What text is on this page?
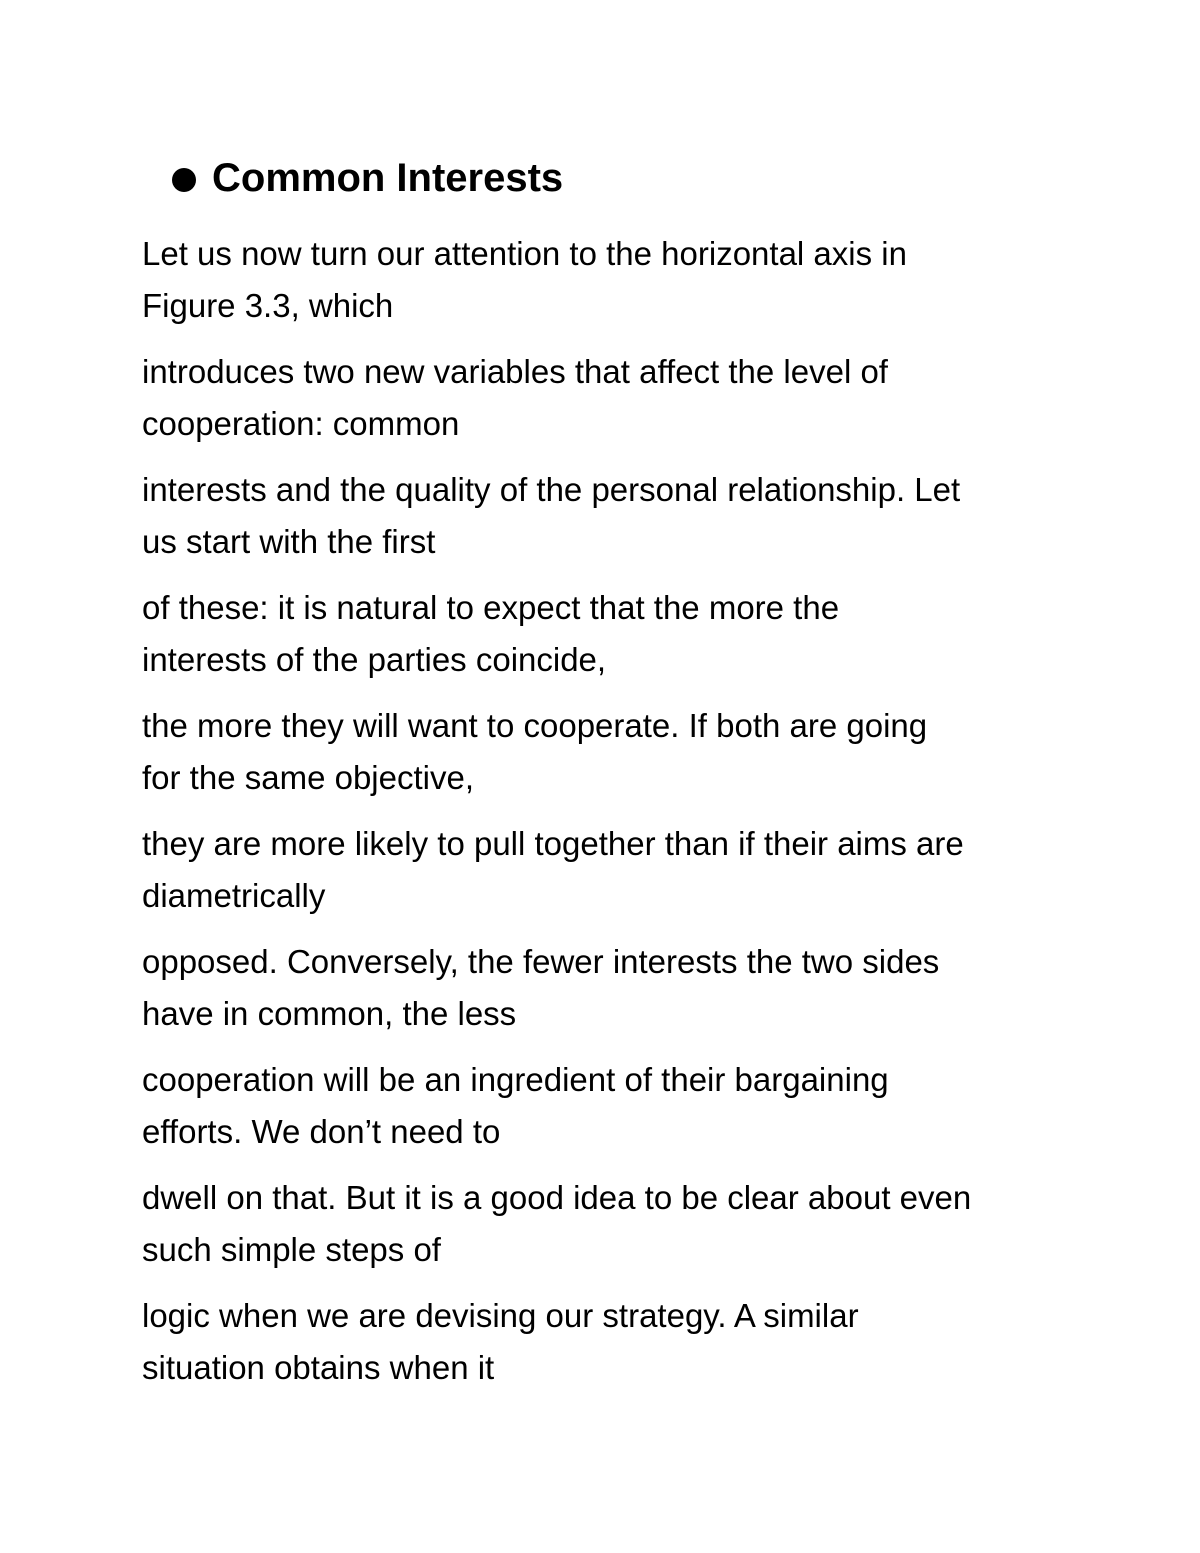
Common Interests

Let us now turn our attention to the horizontal axis in
Figure 3.3, which

introduces two new variables that affect the level of
cooperation: common

interests and the quality of the personal relationship. Let
us start with the first

of these: it is natural to expect that the more the
interests of the parties coincide,

the more they will want to cooperate. If both are going
for the same objective,

they are more likely to pull together than if their aims are
diametrically

opposed. Conversely, the fewer interests the two sides
have in common, the less

cooperation will be an ingredient of their bargaining
efforts. We don’t need to

dwell on that. But it is a good idea to be clear about even
such simple steps of

logic when we are devising our strategy. A similar
situation obtains when it
